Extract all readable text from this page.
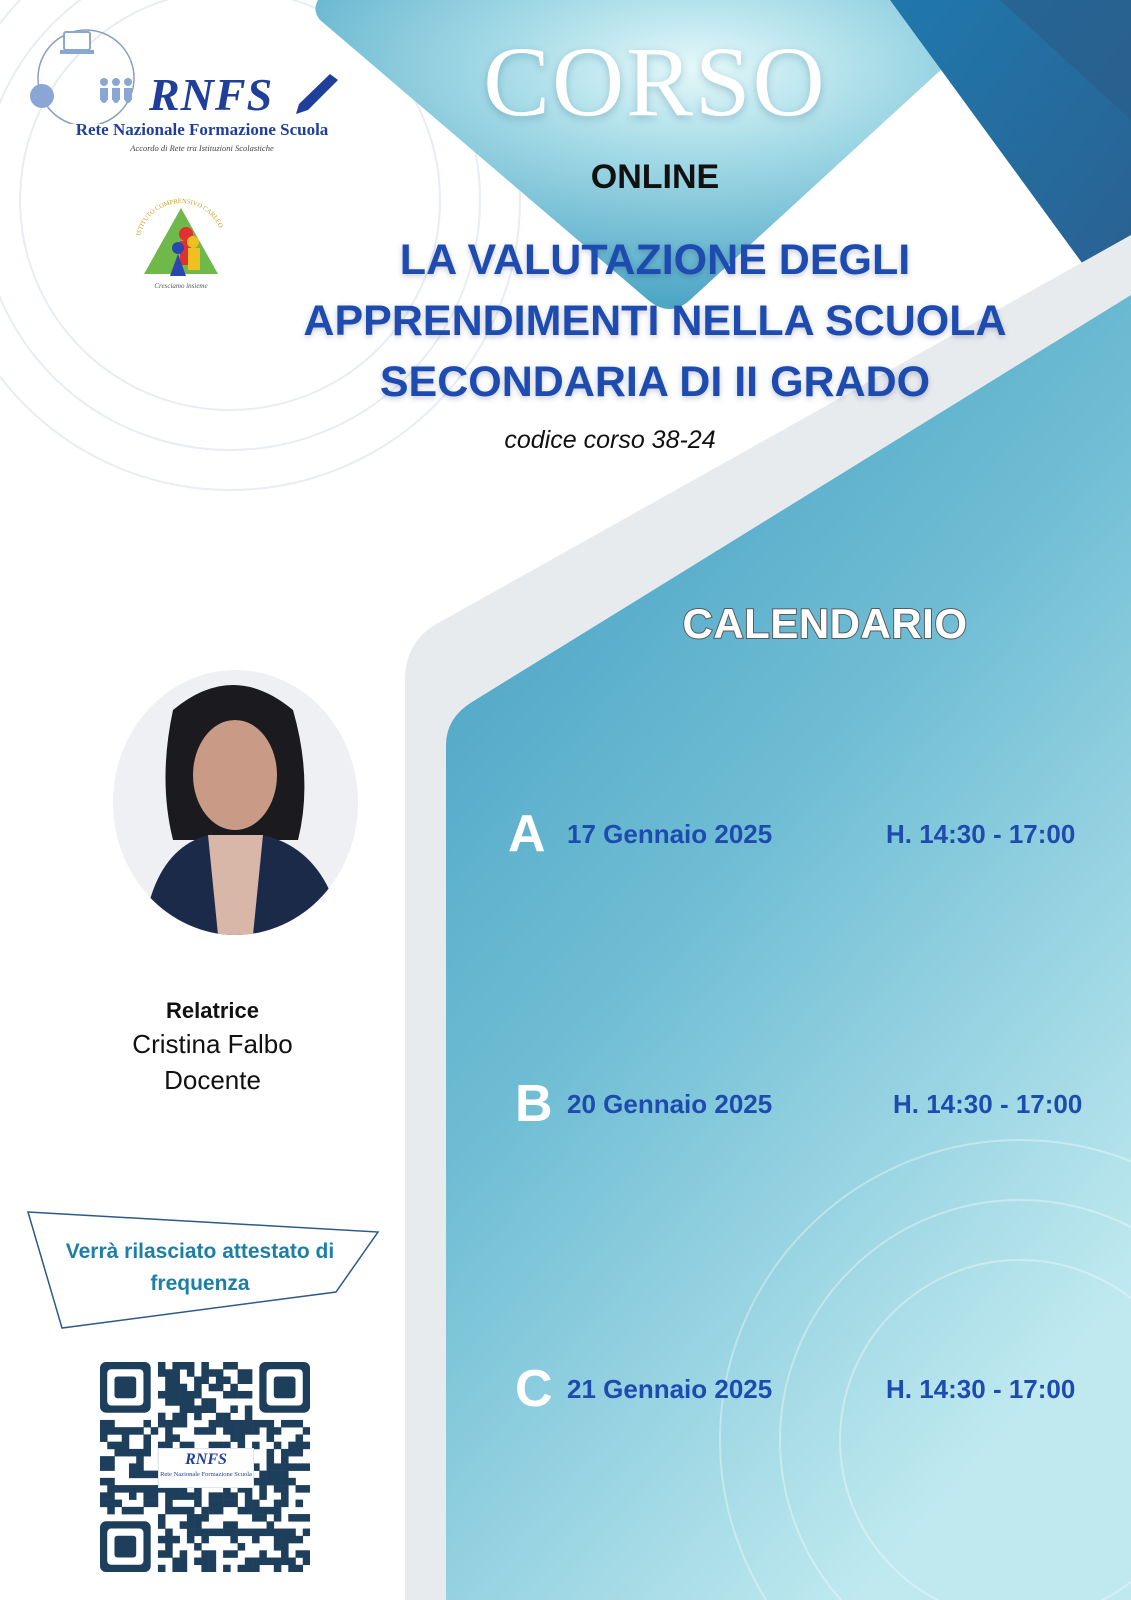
RNFS
Rete Nazionale Formazione Scuola
Accordo di Rete tra Istituzioni Scolastiche
ISTITUTO COMPRENSIVO CARLEO
Cresciamo insieme
CORSO
ONLINE
LA VALUTAZIONE DEGLI APPRENDIMENTI NELLA SCUOLA SECONDARIA DI II GRADO
codice corso 38-24
CALENDARIO
A 17 Gennaio 2025	H. 14:30 - 17:00
B 20 Gennaio 2025	H. 14:30 - 17:00
C 21 Gennaio 2025	H. 14:30 - 17:00
Relatrice
Cristina Falbo
Docente
Verrà rilasciato attestato di frequenza
RNFS
Rete Nazionale Formazione Scuola
